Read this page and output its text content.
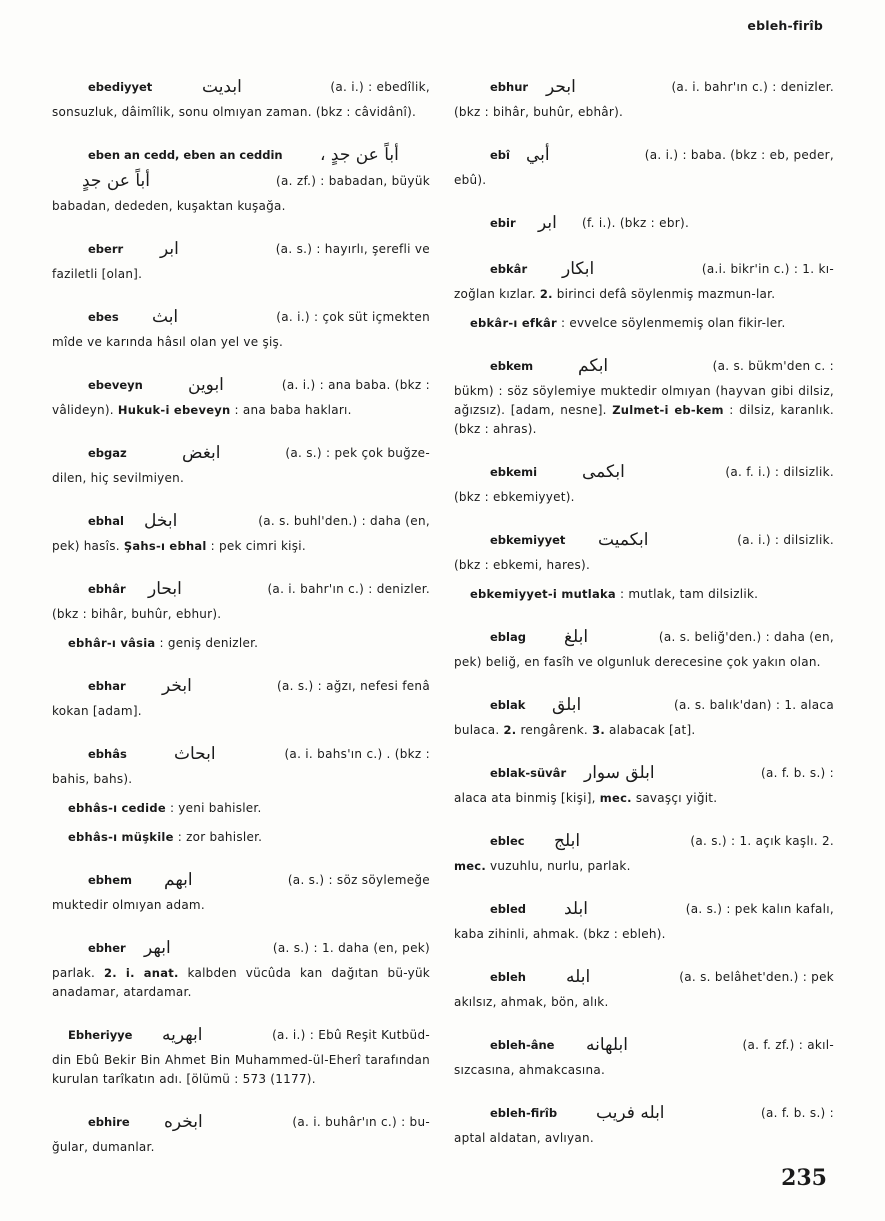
ebleh-firîb
ebediyyet	ابديت	(a. i.) : ebedîlik,
sonsuzluk, dâimîlik, sonu olmıyan zaman. (bkz : câvidânî).
eben an cedd, eben an ceddin أباً عن جدٍ ،
أباً عن جدٍ	(a. zf.) : babadan, büyük
babadan, dededen, kuşaktan kuşağa.
eberr ابر	(a. s.) : hayırlı, şerefli ve
faziletli [olan].
ebes ابث	(a. i.) : çok süt içmekten
mîde ve karında hâsıl olan yel ve şiş.
ebeveyn	ابوين	(a. i.) : ana baba. (bkz :
vâlideyn). Hukuk-i ebeveyn : ana baba hakları.
ebgaz	ابغض	(a. s.) : pek çok buğze-
dilen, hiç sevilmiyen.
ebhal ابخل	(a. s. buhl'den.) : daha (en,
pek) hasîs. Şahs-ı ebhal : pek cimri kişi.
ebhâr ابحار	(a. i. bahr'ın c.) : denizler.
(bkz : bihâr, buhûr, ebhur).
ebhâr-ı vâsia : geniş denizler.
ebhar ابخر	(a. s.) : ağzı, nefesi fenâ
kokan [adam].
ebhâs	ابحاث	(a. i. bahs'ın c.) . (bkz :
bahis, bahs).
ebhâs-ı cedide : yeni bahisler.
ebhâs-ı müşkile : zor bahisler.
ebhem ابهم	(a. s.) : söz söylemeğe
muktedir olmıyan adam.
ebher ابهر	(a. s.) : 1. daha (en, pek)
parlak. 2. i. anat. kalbden vücûda kan dağıtan bü-yük anadamar, atardamar.
Ebheriyye ابهريه	(a. i.) : Ebû Reşit Kutbüd-
din Ebû Bekir Bin Ahmet Bin Muhammed-ül-Eherî tarafından kurulan tarîkatın adı. [ölümü : 573 (1177).
ebhire ابخره	(a. i. buhâr'ın c.) : bu-
ğular, dumanlar.
ebhur ابحر	(a. i. bahr'ın c.) : denizler.
(bkz : bihâr, buhûr, ebhâr).
ebî أبي	(a. i.) : baba. (bkz : eb, peder,
ebû).
ebir ابر (f. i.). (bkz : ebr).
ebkâr ابكار	(a.i. bikr'in c.) : 1. kı-
zoğlan kızlar. 2. birinci defâ söylenmiş mazmun-lar.
ebkâr-ı efkâr : evvelce söylenmemiş olan fikir-ler.
ebkem	ابكم	(a. s. bükm'den c. :
bükm) : söz söylemiye muktedir olmıyan (hayvan gibi dilsiz, ağızsız). [adam, nesne]. Zulmet-i eb-kem : dilsiz, karanlık. (bkz : ahras).
ebkemi	ابكمى	(a. f. i.) : dilsizlik.
(bkz : ebkemiyyet).
ebkemiyyet ابكميت	(a. i.) : dilsizlik.
(bkz : ebkemi, hares).
ebkemiyyet-i mutlaka : mutlak, tam dilsizlik.
eblag ابلغ	(a. s. beliğ'den.) : daha (en,
pek) beliğ, en fasîh ve olgunluk derecesine çok yakın olan.
eblak ابلق	(a. s. balık'dan) : 1. alaca
bulaca. 2. rengârenk. 3. alabacak [at].
eblak-süvâr ابلق سوار	(a. f. b. s.) :
alaca ata binmiş [kişi], mec. savaşçı yiğit.
eblec ابلج	(a. s.) : 1. açık kaşlı. 2.
mec. vuzuhlu, nurlu, parlak.
ebled ابلد	(a. s.) : pek kalın kafalı,
kaba zihinli, ahmak. (bkz : ebleh).
ebleh ابله	(a. s. belâhet'den.) : pek
akılsız, ahmak, bön, alık.
ebleh-âne ابلهانه	(a. f. zf.) : akıl-
sızcasına, ahmakcasına.
ebleh-firîb ابله فريب	(a. f. b. s.) :
aptal aldatan, avlıyan.
235
